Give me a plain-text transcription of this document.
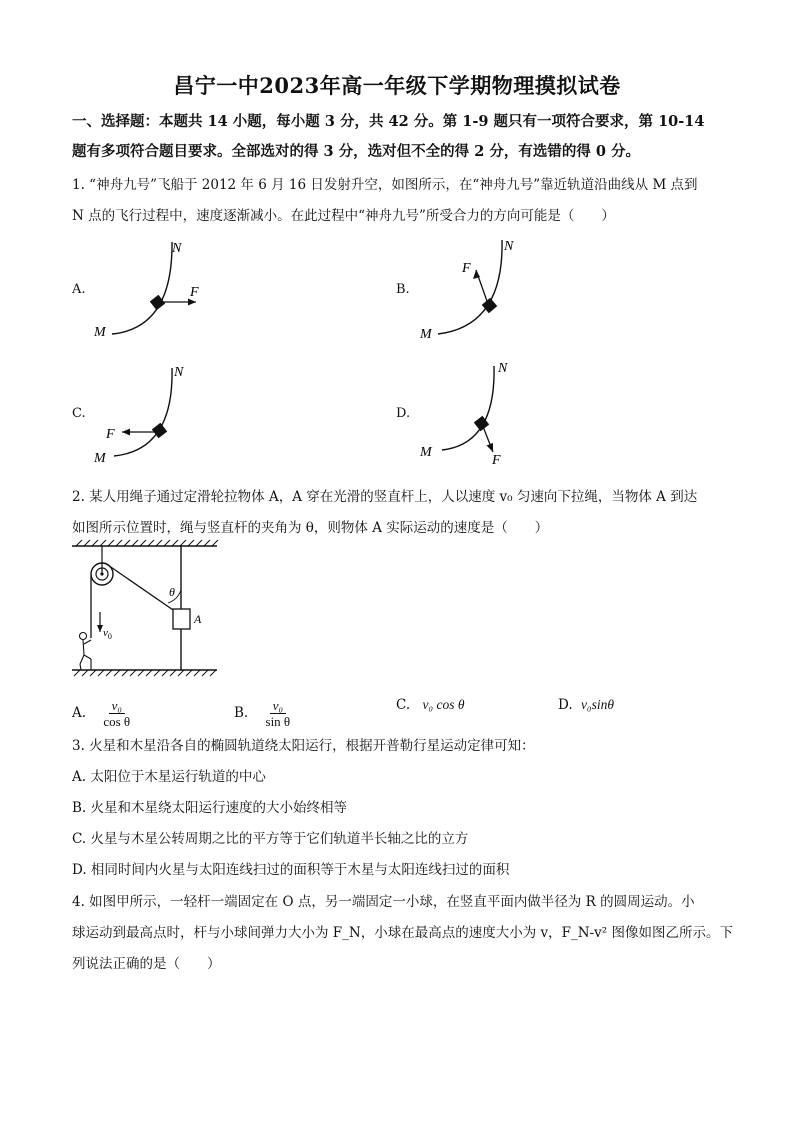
昌宁一中2023年高一年级下学期物理摸拟试卷
一、选择题：本题共 14 小题，每小题 3 分，共 42 分。第 1-9 题只有一项符合要求，第 10-14
题有多项符合题目要求。全部选对的得 3 分，选对但不全的得 2 分，有选错的得 0 分。
1. “神舟九号”飞船于 2012 年 6 月 16 日发射升空，如图所示，在“神舟九号”靠近轨道沿曲线从 M 点到
N 点的飞行过程中，速度逐渐减小。在此过程中“神舟九号”所受合力的方向可能是（　　）
A.	F
N
M
B.
F
N
M
C.
F
N
M
D.
F
N
M
2. 某人用绳子通过定滑轮拉物体 A，A 穿在光滑的竖直杆上，人以速度 v₀ 匀速向下拉绳，当物体 A 到达
如图所示位置时，绳与竖直杆的夹角为 θ，则物体 A 实际运动的速度是（　　）
θ
A
$v_0$
A. $\frac{\text{v₀}}{\text{cos θ}}$	B. $\frac{\text{v₀}}{\text{sin θ}}$	C. v₀ cos θ	D. v₀sinθ
3. 火星和木星沿各自的椭圆轨道绕太阳运行，根据开普勒行星运动定律可知：
A. 太阳位于木星运行轨道的中心
B. 火星和木星绕太阳运行速度的大小始终相等
C. 火星与木星公转周期之比的平方等于它们轨道半长轴之比的立方
D. 相同时间内火星与太阳连线扫过的面积等于木星与太阳连线扫过的面积
4. 如图甲所示，一轻杆一端固定在 O 点，另一端固定一小球，在竖直平面内做半径为 R 的圆周运动。小
球运动到最高点时，杆与小球间弹力大小为 F_N，小球在最高点的速度大小为 v，F_N-v² 图像如图乙所示。下
列说法正确的是（　　）
